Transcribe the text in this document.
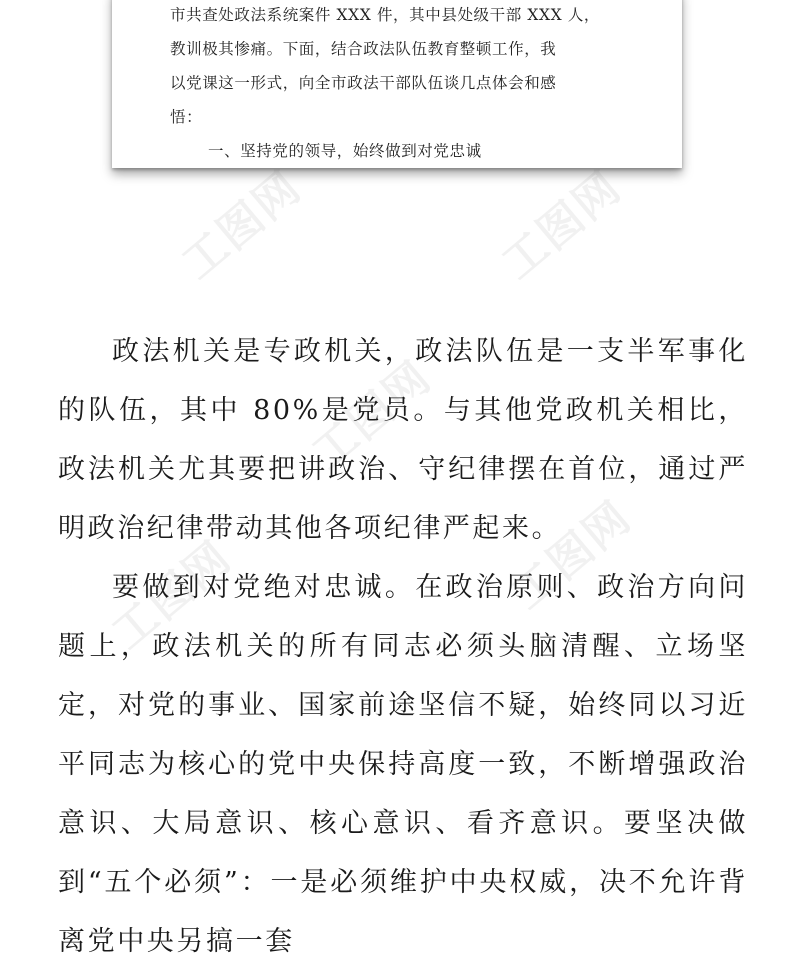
工图网	工图网
工图网
工图网	工图网
市共查处政法系统案件 XXX 件，其中县处级干部 XXX 人，
教训极其惨痛。下面，结合政法队伍教育整顿工作，我
以党课这一形式，向全市政法干部队伍谈几点体会和感
悟：
一、坚持党的领导，始终做到对党忠诚

政法机关是专政机关，政法队伍是一支半军事化的队伍，其中 80%是党员。与其他党政机关相比，政法机关尤其要把讲政治、守纪律摆在首位，通过严明政治纪律带动其他各项纪律严起来。

要做到对党绝对忠诚。在政治原则、政治方向问题上，政法机关的所有同志必须头脑清醒、立场坚定，对党的事业、国家前途坚信不疑，始终同以习近平同志为核心的党中央保持高度一致，不断增强政治意识、大局意识、核心意识、看齐意识。要坚决做到“五个必须”：一是必须维护中央权威，决不允许背离党中央另搞一套
